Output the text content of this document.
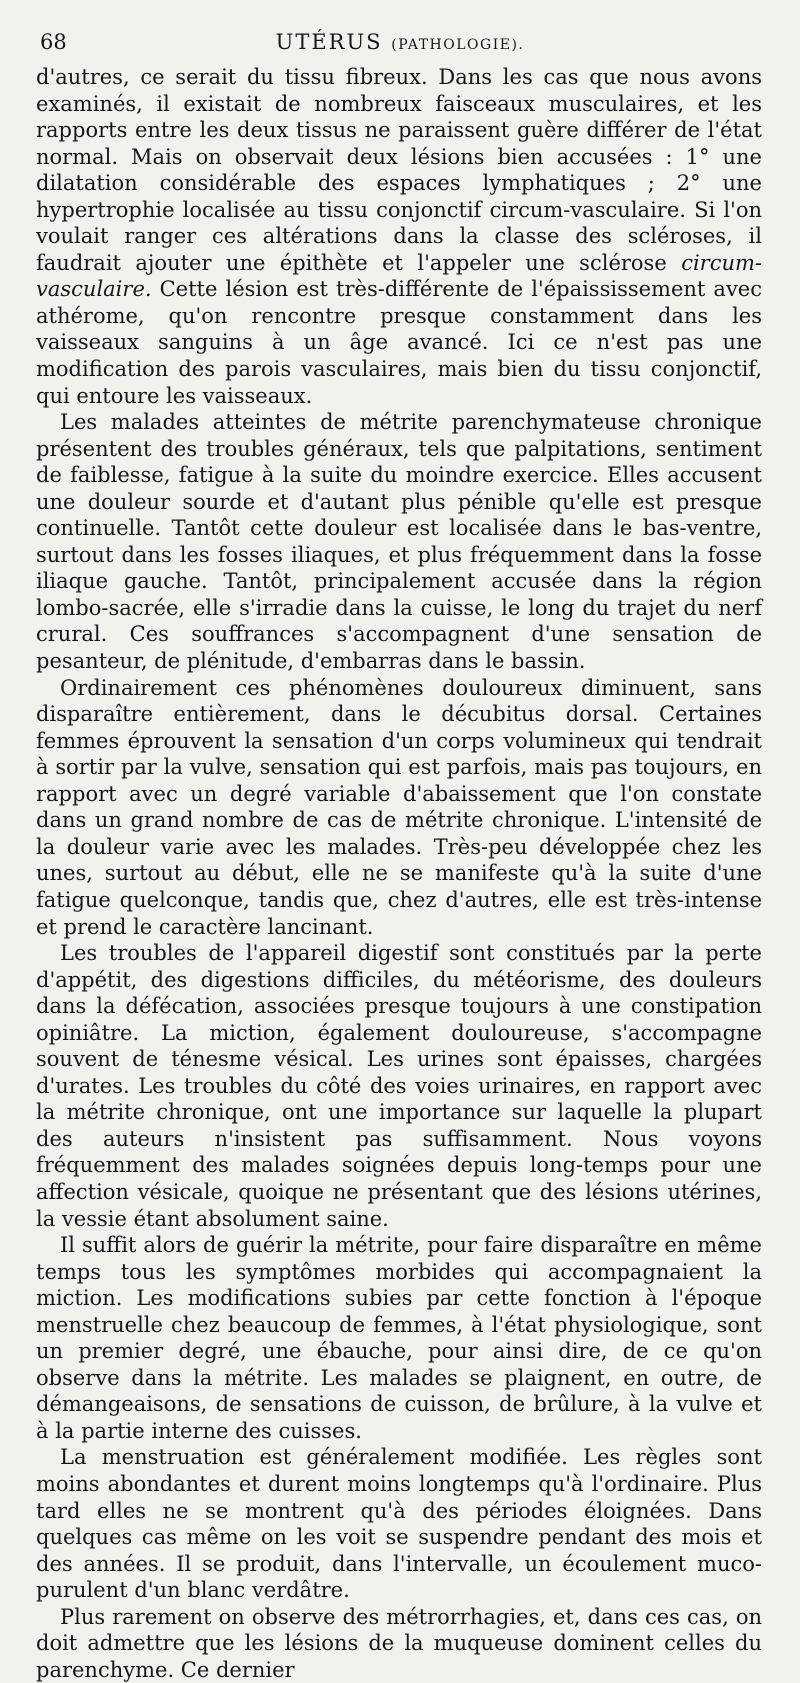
68	UTÉRUS (PATHOLOGIE).

d'autres, ce serait du tissu fibreux. Dans les cas que nous avons examinés, il existait de nombreux faisceaux musculaires, et les rapports entre les deux tissus ne paraissent guère différer de l'état normal. Mais on observait deux lésions bien accusées : 1° une dilatation considérable des espaces lymphatiques ; 2° une hypertrophie localisée au tissu conjonctif circum-vasculaire. Si l'on voulait ranger ces altérations dans la classe des scléroses, il faudrait ajouter une épithète et l'appeler une sclérose circum-vasculaire. Cette lésion est très-différente de l'épaississement avec athérome, qu'on rencontre presque constamment dans les vaisseaux sanguins à un âge avancé. Ici ce n'est pas une modification des parois vasculaires, mais bien du tissu conjonctif, qui entoure les vaisseaux.

Les malades atteintes de métrite parenchymateuse chronique présentent des troubles généraux, tels que palpitations, sentiment de faiblesse, fatigue à la suite du moindre exercice. Elles accusent une douleur sourde et d'autant plus pénible qu'elle est presque continuelle. Tantôt cette douleur est localisée dans le bas-ventre, surtout dans les fosses iliaques, et plus fréquemment dans la fosse iliaque gauche. Tantôt, principalement accusée dans la région lombo-sacrée, elle s'irradie dans la cuisse, le long du trajet du nerf crural. Ces souffrances s'accompagnent d'une sensation de pesanteur, de plénitude, d'embarras dans le bassin.

Ordinairement ces phénomènes douloureux diminuent, sans disparaître entièrement, dans le décubitus dorsal. Certaines femmes éprouvent la sensation d'un corps volumineux qui tendrait à sortir par la vulve, sensation qui est parfois, mais pas toujours, en rapport avec un degré variable d'abaissement que l'on constate dans un grand nombre de cas de métrite chronique. L'intensité de la douleur varie avec les malades. Très-peu développée chez les unes, surtout au début, elle ne se manifeste qu'à la suite d'une fatigue quelconque, tandis que, chez d'autres, elle est très-intense et prend le caractère lancinant.

Les troubles de l'appareil digestif sont constitués par la perte d'appétit, des digestions difficiles, du météorisme, des douleurs dans la défécation, associées presque toujours à une constipation opiniâtre. La miction, également douloureuse, s'accompagne souvent de ténesme vésical. Les urines sont épaisses, chargées d'urates. Les troubles du côté des voies urinaires, en rapport avec la métrite chronique, ont une importance sur laquelle la plupart des auteurs n'insistent pas suffisamment. Nous voyons fréquemment des malades soignées depuis long-temps pour une affection vésicale, quoique ne présentant que des lésions utérines, la vessie étant absolument saine.

Il suffit alors de guérir la métrite, pour faire disparaître en même temps tous les symptômes morbides qui accompagnaient la miction. Les modifications subies par cette fonction à l'époque menstruelle chez beaucoup de femmes, à l'état physiologique, sont un premier degré, une ébauche, pour ainsi dire, de ce qu'on observe dans la métrite. Les malades se plaignent, en outre, de démangeaisons, de sensations de cuisson, de brûlure, à la vulve et à la partie interne des cuisses.

La menstruation est généralement modifiée. Les règles sont moins abondantes et durent moins longtemps qu'à l'ordinaire. Plus tard elles ne se montrent qu'à des périodes éloignées. Dans quelques cas même on les voit se suspendre pendant des mois et des années. Il se produit, dans l'intervalle, un écoulement muco-purulent d'un blanc verdâtre.

Plus rarement on observe des métrorrhagies, et, dans ces cas, on doit admettre que les lésions de la muqueuse dominent celles du parenchyme. Ce dernier
